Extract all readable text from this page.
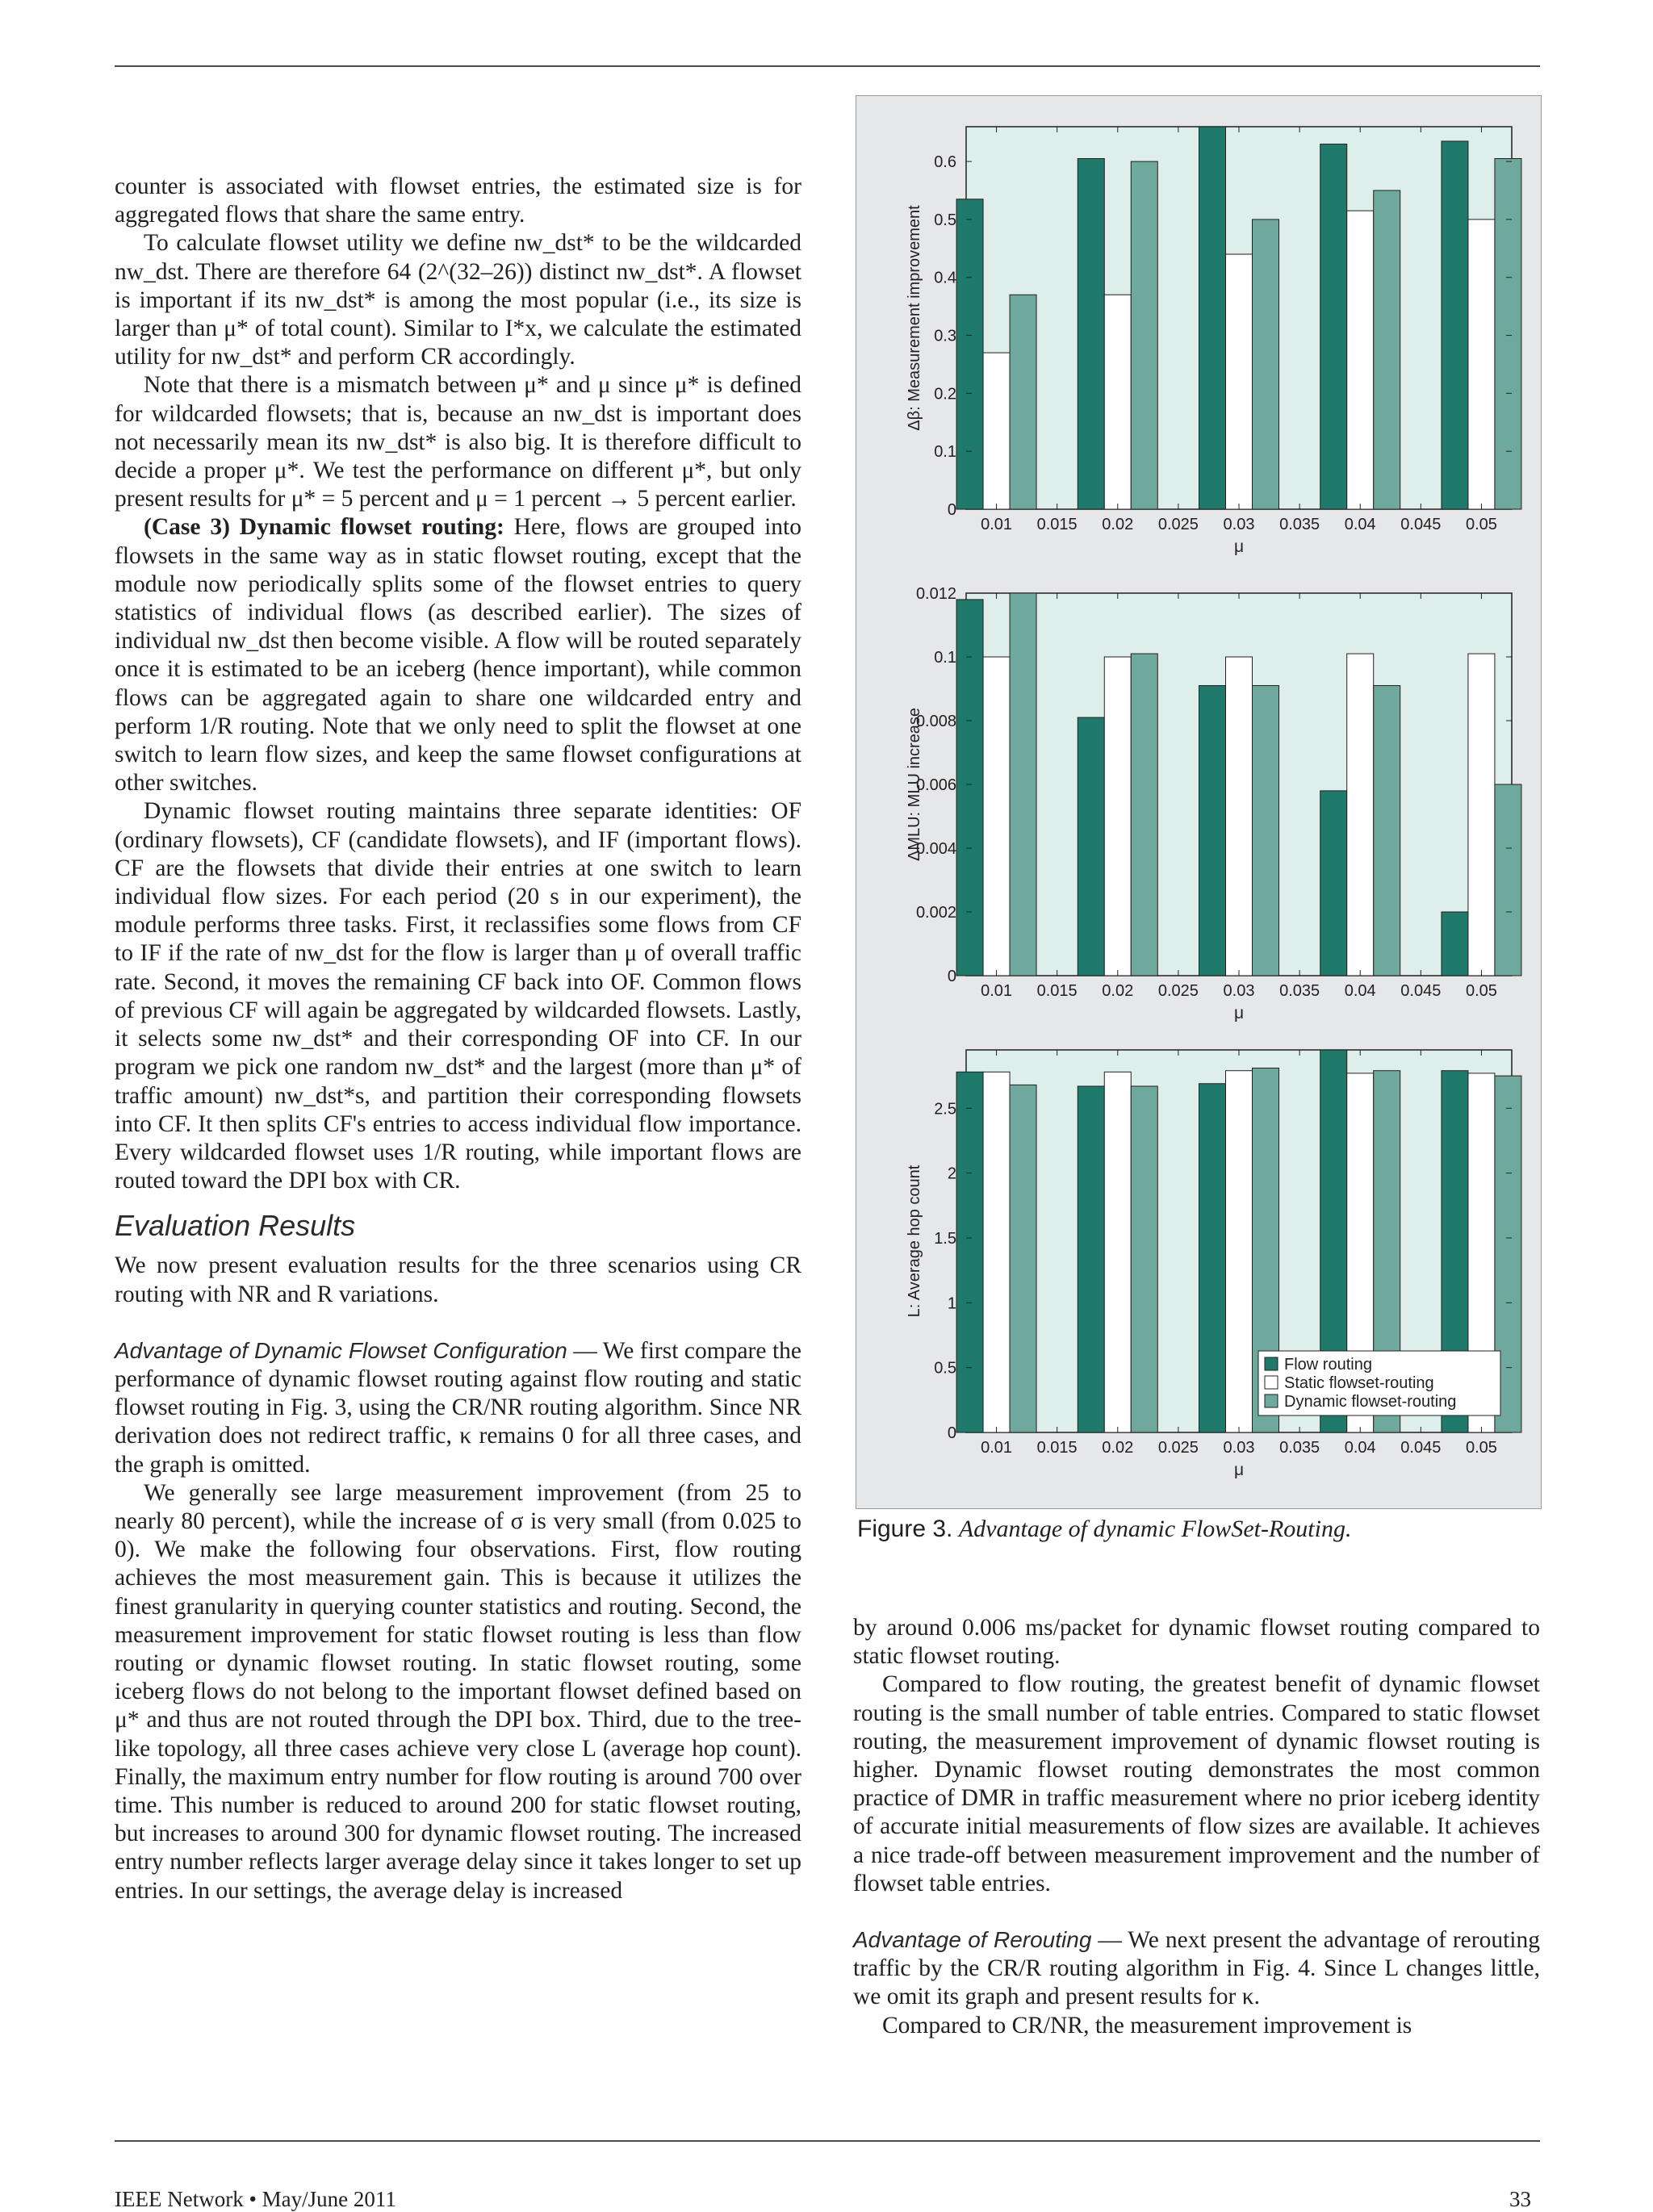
counter is associated with flowset entries, the estimated size is for aggregated flows that share the same entry.

To calculate flowset utility we define nw_dst* to be the wildcarded nw_dst. There are therefore 64 (2^(32–26)) distinct nw_dst*. A flowset is important if its nw_dst* is among the most popular (i.e., its size is larger than μ* of total count). Similar to I*x, we calculate the estimated utility for nw_dst* and perform CR accordingly.

Note that there is a mismatch between μ* and μ since μ* is defined for wildcarded flowsets; that is, because an nw_dst is important does not necessarily mean its nw_dst* is also big. It is therefore difficult to decide a proper μ*. We test the performance on different μ*, but only present results for μ* = 5 percent and μ = 1 percent → 5 percent earlier.

(Case 3) Dynamic flowset routing: Here, flows are grouped into flowsets in the same way as in static flowset routing, except that the module now periodically splits some of the flowset entries to query statistics of individual flows (as described earlier). The sizes of individual nw_dst then become visible. A flow will be routed separately once it is estimated to be an iceberg (hence important), while common flows can be aggregated again to share one wildcarded entry and perform 1/R routing. Note that we only need to split the flowset at one switch to learn flow sizes, and keep the same flowset configurations at other switches.

Dynamic flowset routing maintains three separate identities: OF (ordinary flowsets), CF (candidate flowsets), and IF (important flows). CF are the flowsets that divide their entries at one switch to learn individual flow sizes. For each period (20 s in our experiment), the module performs three tasks. First, it reclassifies some flows from CF to IF if the rate of nw_dst for the flow is larger than μ of overall traffic rate. Second, it moves the remaining CF back into OF. Common flows of previous CF will again be aggregated by wildcarded flowsets. Lastly, it selects some nw_dst* and their corresponding OF into CF. In our program we pick one random nw_dst* and the largest (more than μ* of traffic amount) nw_dst*s, and partition their corresponding flowsets into CF. It then splits CF's entries to access individual flow importance. Every wildcarded flowset uses 1/R routing, while important flows are routed toward the DPI box with CR.

Evaluation Results

We now present evaluation results for the three scenarios using CR routing with NR and R variations.

Advantage of Dynamic Flowset Configuration — We first compare the performance of dynamic flowset routing against flow routing and static flowset routing in Fig. 3, using the CR/NR routing algorithm. Since NR derivation does not redirect traffic, κ remains 0 for all three cases, and the graph is omitted.

We generally see large measurement improvement (from 25 to nearly 80 percent), while the increase of σ is very small (from 0.025 to 0). We make the following four observations. First, flow routing achieves the most measurement gain. This is because it utilizes the finest granularity in querying counter statistics and routing. Second, the measurement improvement for static flowset routing is less than flow routing or dynamic flowset routing. In static flowset routing, some iceberg flows do not belong to the important flowset defined based on μ* and thus are not routed through the DPI box. Third, due to the tree-like topology, all three cases achieve very close L (average hop count). Finally, the maximum entry number for flow routing is around 700 over time. This number is reduced to around 200 for static flowset routing, but increases to around 300 for dynamic flowset routing. The increased entry number reflects larger average delay since it takes longer to set up entries. In our settings, the average delay is increased

0
0.1
0.2
0.3
0.4
0.5
0.6
0.01 0.015 0.02 0.025 0.03 0.035 0.04 0.045 0.05
μ
Δβ: Measurement improvement
0
0.002
0.004
0.006
0.008
0.1
0.012
0.01 0.015 0.02 0.025 0.03 0.035 0.04 0.045 0.05
μ
ΔMLU: MLU increase
0
0.5
1
1.5
2
2.5
0.01 0.015 0.02 0.025 0.03 0.035 0.04 0.045 0.05
μ
L: Average hop count
Flow routing
Static flowset-routing
Dynamic flowset-routing
Figure 3. Advantage of dynamic FlowSet-Routing.

by around 0.006 ms/packet for dynamic flowset routing compared to static flowset routing.

Compared to flow routing, the greatest benefit of dynamic flowset routing is the small number of table entries. Compared to static flowset routing, the measurement improvement of dynamic flowset routing is higher. Dynamic flowset routing demonstrates the most common practice of DMR in traffic measurement where no prior iceberg identity of accurate initial measurements of flow sizes are available. It achieves a nice trade-off between measurement improvement and the number of flowset table entries.

Advantage of Rerouting — We next present the advantage of rerouting traffic by the CR/R routing algorithm in Fig. 4. Since L changes little, we omit its graph and present results for κ.

Compared to CR/NR, the measurement improvement is

IEEE Network • May/June 2011	33
